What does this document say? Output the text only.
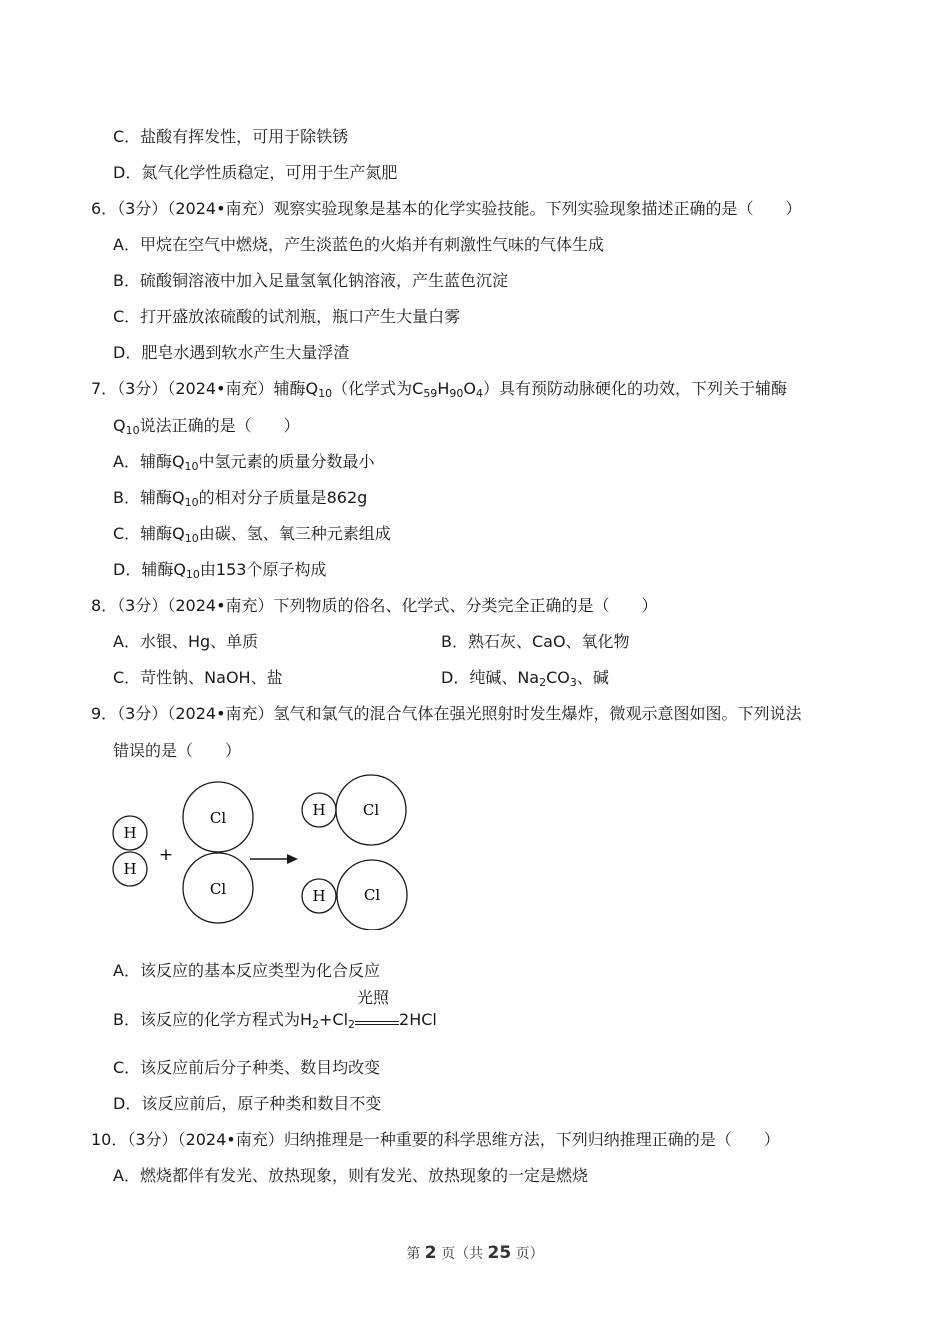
C．盐酸有挥发性，可用于除铁锈
D．氮气化学性质稳定，可用于生产氮肥
6．（3分）（2024•南充）观察实验现象是基本的化学实验技能。下列实验现象描述正确的是（　　）
A．甲烷在空气中燃烧，产生淡蓝色的火焰并有刺激性气味的气体生成
B．硫酸铜溶液中加入足量氢氧化钠溶液，产生蓝色沉淀
C．打开盛放浓硫酸的试剂瓶，瓶口产生大量白雾
D．肥皂水遇到软水产生大量浮渣
7．（3分）（2024•南充）辅酶$Q_{10}$（化学式为$C_{59}H_{90}O_4$）具有预防动脉硬化的功效，下列关于辅酶
$Q_{10}$说法正确的是（　　）
A．辅酶$Q_{10}$中氢元素的质量分数最小
B．辅酶$Q_{10}$的相对分子质量是862g
C．辅酶$Q_{10}$由碳、氢、氧三种元素组成
D．辅酶$Q_{10}$由153个原子构成
8．（3分）（2024•南充）下列物质的俗名、化学式、分类完全正确的是（　　）
A．水银、Hg、单质	B．熟石灰、CaO、氧化物
C．苛性钠、NaOH、盐	D．纯碱、$Na_2CO_3$、碱
9．（3分）（2024•南充）氢气和氯气的混合气体在强光照射时发生爆炸，微观示意图如图。下列说法
错误的是（　　）
H
H
+
Cl
Cl
H Cl
H	Cl
A．该反应的基本反应类型为化合反应
B．该反应的化学方程式为$H_2+Cl_2$
光照
2HCl
C．该反应前后分子种类、数目均改变
D．该反应前后，原子种类和数目不变
10．（3分）（2024•南充）归纳推理是一种重要的科学思维方法，下列归纳推理正确的是（　　）
A．燃烧都伴有发光、放热现象，则有发光、放热现象的一定是燃烧
第 2 页（共 25 页）
